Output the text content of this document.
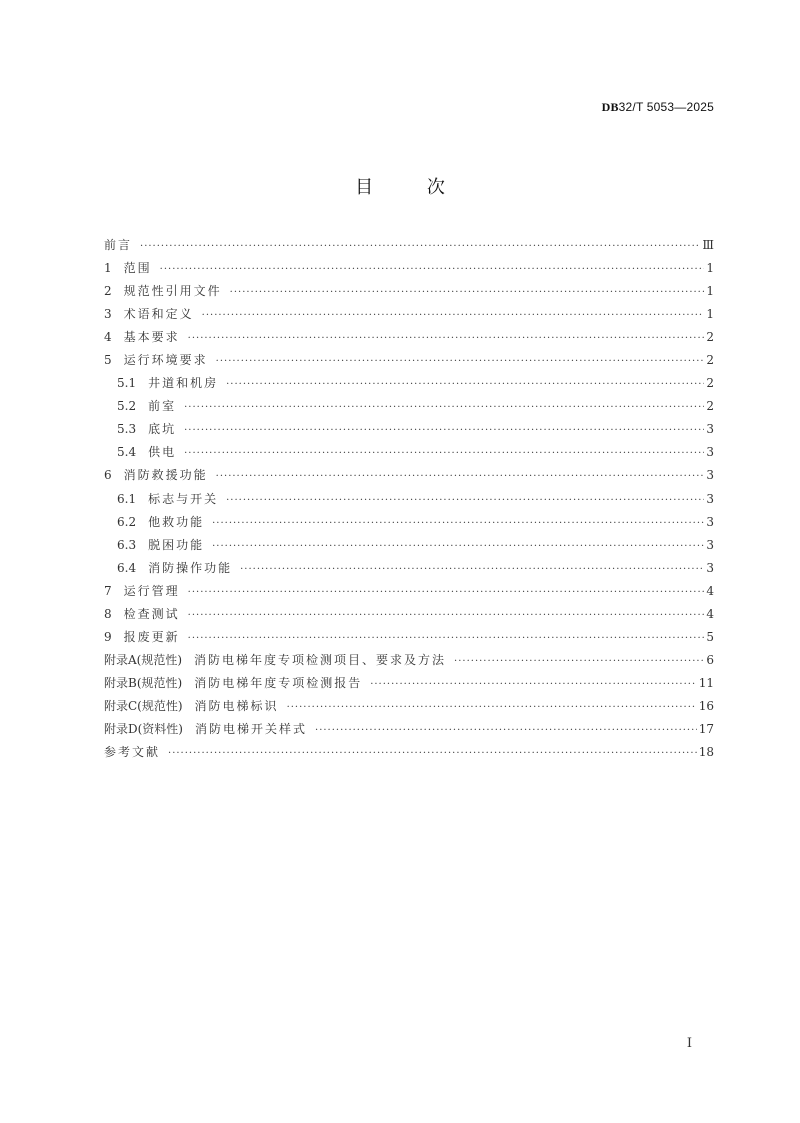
DB32/T 5053—2025
目	次
前言 ·····	Ⅲ
1 范围 ·····	1
2 规范性引用文件 ·····	1
3 术语和定义 ·····	1
4 基本要求 ·····	2
5 运行环境要求 ·····	2
5.1 井道和机房 ·····	2
5.2 前室 ·····	2
5.3 底坑 ·····	3
5.4 供电 ·····	3
6 消防救援功能 ·····	3
6.1 标志与开关 ·····	3
6.2 他救功能 ·····	3
6.3 脱困功能 ·····	3
6.4 消防操作功能 ·····	3
7 运行管理 ·····	4
8 检查测试 ·····	4
9 报废更新 ·····	5
附录A(规范性) 消防电梯年度专项检测项目、要求及方法 ·····	6
附录B(规范性) 消防电梯年度专项检测报告 ·····	11
附录C(规范性) 消防电梯标识 ·····	16
附录D(资料性) 消防电梯开关样式 ·····	17
参考文献 ·····	18
I
